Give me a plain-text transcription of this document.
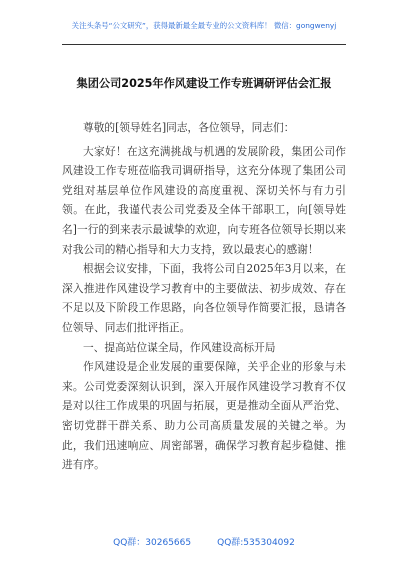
关注头条号“公文研究”，获得最新最全最专业的公文资料库！ 微信：gongwenyj
集团公司2025年作风建设工作专班调研评估会汇报

尊敬的[领导姓名]同志，各位领导，同志们：

大家好！在这充满挑战与机遇的发展阶段，集团公司作风建设工作专班莅临我司调研指导，这充分体现了集团公司党组对基层单位作风建设的高度重视、深切关怀与有力引领。在此，我谨代表公司党委及全体干部职工，向[领导姓名]一行的到来表示最诚挚的欢迎，向专班各位领导长期以来对我公司的精心指导和大力支持，致以最衷心的感谢！

根据会议安排，下面，我将公司自2025年3月以来，在深入推进作风建设学习教育中的主要做法、初步成效、存在不足以及下阶段工作思路，向各位领导作简要汇报，恳请各位领导、同志们批评指正。

一、提高站位谋全局，作风建设高标开局

作风建设是企业发展的重要保障，关乎企业的形象与未来。公司党委深刻认识到，深入开展作风建设学习教育不仅是对以往工作成果的巩固与拓展，更是推动全面从严治党、密切党群干群关系、助力公司高质量发展的关键之举。为此，我们迅速响应、周密部署，确保学习教育起步稳健、推进有序。

QQ群：30265665	QQ群:535304092
